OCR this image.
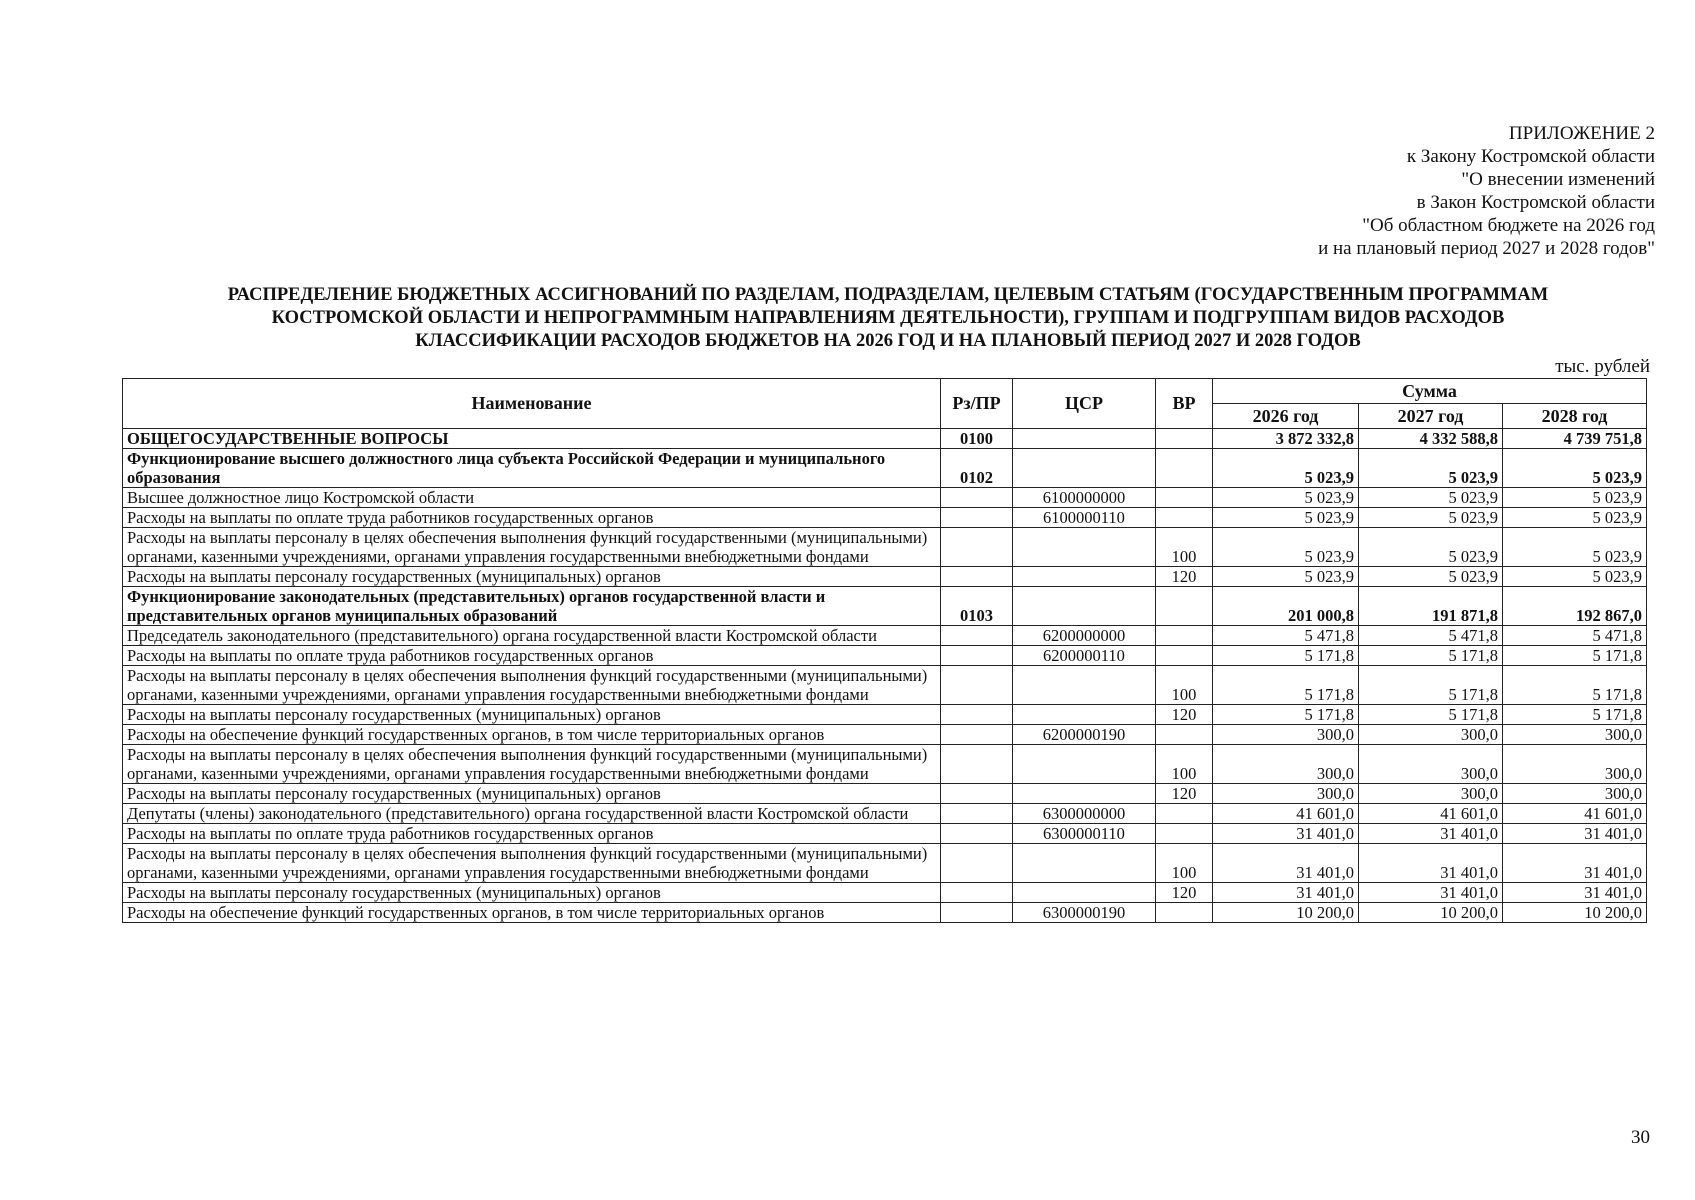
ПРИЛОЖЕНИЕ 2
к Закону Костромской области
"О внесении изменений
в Закон Костромской области
"Об областном бюджете на 2026 год
и на плановый период 2027 и 2028 годов"
РАСПРЕДЕЛЕНИЕ БЮДЖЕТНЫХ АССИГНОВАНИЙ ПО РАЗДЕЛАМ, ПОДРАЗДЕЛАМ, ЦЕЛЕВЫМ СТАТЬЯМ (ГОСУДАРСТВЕННЫМ ПРОГРАММАМ
КОСТРОМСКОЙ ОБЛАСТИ И НЕПРОГРАММНЫМ НАПРАВЛЕНИЯМ ДЕЯТЕЛЬНОСТИ), ГРУППАМ И ПОДГРУППАМ ВИДОВ РАСХОДОВ
КЛАССИФИКАЦИИ РАСХОДОВ БЮДЖЕТОВ НА 2026 ГОД И НА ПЛАНОВЫЙ ПЕРИОД 2027 И 2028 ГОДОВ
тыс. рублей
Наименование	Рз/ПР	ЦСР	ВР	Сумма		
				2026 год	2027 год	2028 год
ОБЩЕГОСУДАРСТВЕННЫЕ ВОПРОСЫ	0100			3 872 332,8	4 332 588,8	4 739 751,8
Функционирование высшего должностного лица субъекта Российской Федерации и муниципального образования	0102			5 023,9	5 023,9	5 023,9
Высшее должностное лицо Костромской области		6100000000		5 023,9	5 023,9	5 023,9
Расходы на выплаты по оплате труда работников государственных органов		6100000110		5 023,9	5 023,9	5 023,9
Расходы на выплаты персоналу в целях обеспечения выполнения функций государственными (муниципальными) органами, казенными учреждениями, органами управления государственными внебюджетными фондами			100	5 023,9	5 023,9	5 023,9
Расходы на выплаты персоналу государственных (муниципальных) органов			120	5 023,9	5 023,9	5 023,9
Функционирование законодательных (представительных) органов государственной власти и представительных органов муниципальных образований	0103			201 000,8	191 871,8	192 867,0
Председатель законодательного (представительного) органа государственной власти Костромской области		6200000000		5 471,8	5 471,8	5 471,8
Расходы на выплаты по оплате труда работников государственных органов		6200000110		5 171,8	5 171,8	5 171,8
Расходы на выплаты персоналу в целях обеспечения выполнения функций государственными (муниципальными) органами, казенными учреждениями, органами управления государственными внебюджетными фондами			100	5 171,8	5 171,8	5 171,8
Расходы на выплаты персоналу государственных (муниципальных) органов			120	5 171,8	5 171,8	5 171,8
Расходы на обеспечение функций государственных органов, в том числе территориальных органов		6200000190		300,0	300,0	300,0
Расходы на выплаты персоналу в целях обеспечения выполнения функций государственными (муниципальными) органами, казенными учреждениями, органами управления государственными внебюджетными фондами			100	300,0	300,0	300,0
Расходы на выплаты персоналу государственных (муниципальных) органов			120	300,0	300,0	300,0
Депутаты (члены) законодательного (представительного) органа государственной власти Костромской области		6300000000		41 601,0	41 601,0	41 601,0
Расходы на выплаты по оплате труда работников государственных органов		6300000110		31 401,0	31 401,0	31 401,0
Расходы на выплаты персоналу в целях обеспечения выполнения функций государственными (муниципальными) органами, казенными учреждениями, органами управления государственными внебюджетными фондами			100	31 401,0	31 401,0	31 401,0
Расходы на выплаты персоналу государственных (муниципальных) органов			120	31 401,0	31 401,0	31 401,0
Расходы на обеспечение функций государственных органов, в том числе территориальных органов		6300000190		10 200,0	10 200,0	10 200,0
30
